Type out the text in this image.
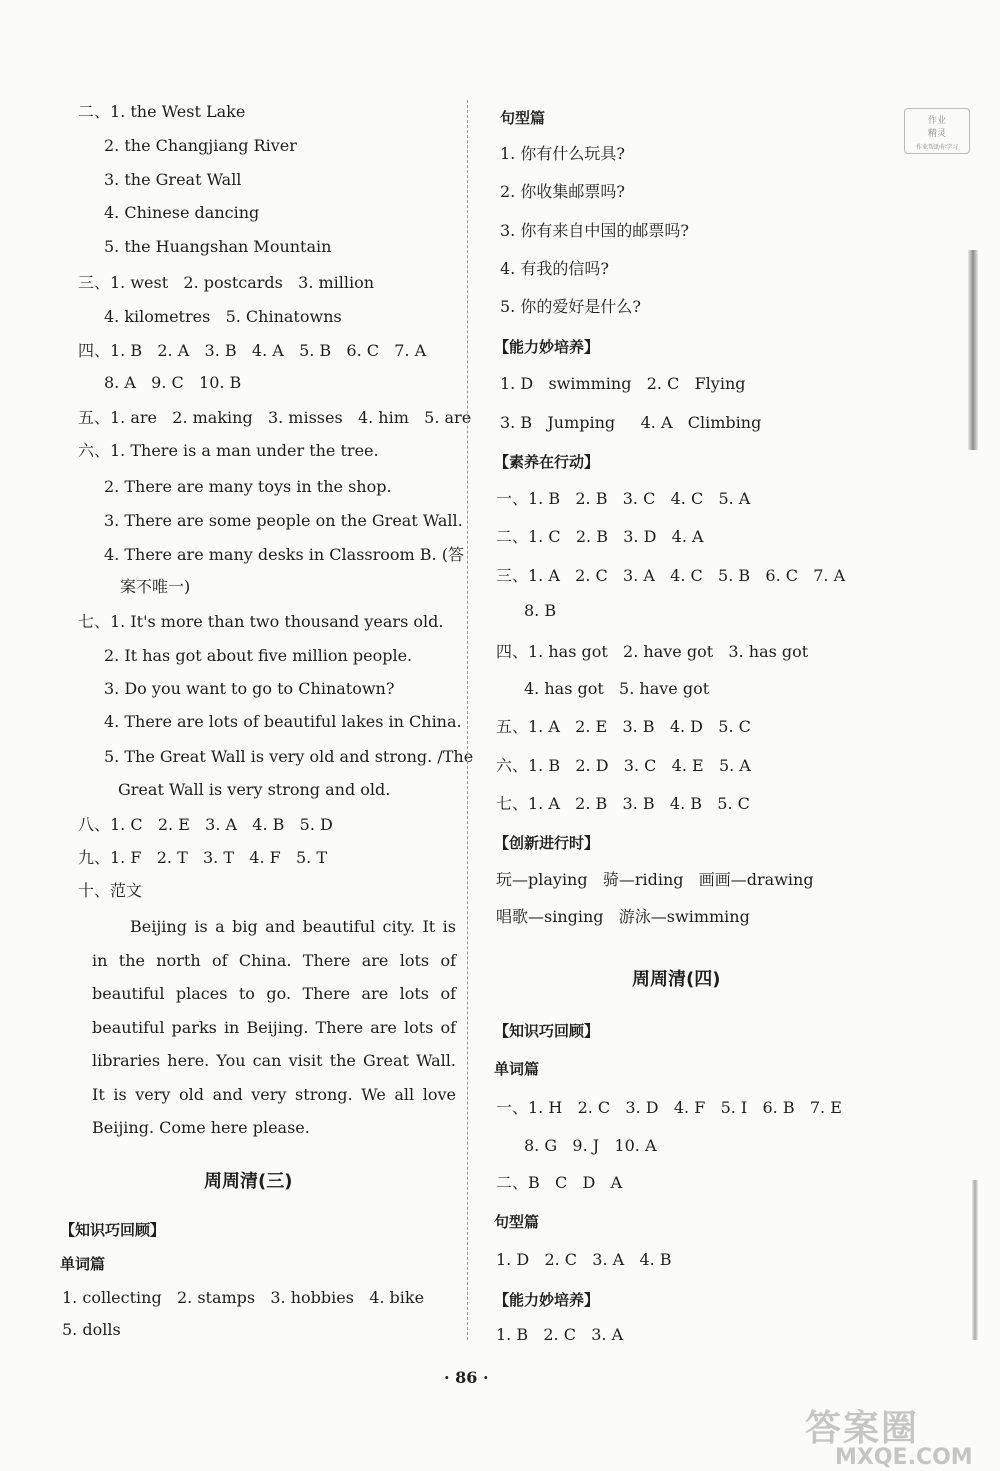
二、1. the West Lake
2. the Changjiang River
3. the Great Wall
4. Chinese dancing
5. the Huangshan Mountain
三、1. west   2. postcards   3. million
4. kilometres   5. Chinatowns
四、1. B   2. A   3. B   4. A   5. B   6. C   7. A
8. A   9. C   10. B
五、1. are   2. making   3. misses   4. him   5. are
六、1. There is a man under the tree.
2. There are many toys in the shop.
3. There are some people on the Great Wall.
4. There are many desks in Classroom B. (答
案不唯一)
七、1. It's more than two thousand years old.
2. It has got about five million people.
3. Do you want to go to Chinatown?
4. There are lots of beautiful lakes in China.
5. The Great Wall is very old and strong. /The
Great Wall is very strong and old.
八、1. C   2. E   3. A   4. B   5. D
九、1. F   2. T   3. T   4. F   5. T
十、范文
Beijing is a big and beautiful city. It is in the north of China. There are lots of beautiful places to go. There are lots of beautiful parks in Beijing. There are lots of libraries here. You can visit the Great Wall. It is very old and very strong. We all love Beijing. Come here please.
周周清(三)
【知识巧回顾】
单词篇
1. collecting   2. stamps   3. hobbies   4. bike
5. dolls
句型篇
1. 你有什么玩具?
2. 你收集邮票吗?
3. 你有来自中国的邮票吗?
4. 有我的信吗?
5. 你的爱好是什么?
【能力妙培养】
1. D   swimming   2. C   Flying
3. B   Jumping     4. A   Climbing
【素养在行动】
一、1. B   2. B   3. C   4. C   5. A
二、1. C   2. B   3. D   4. A
三、1. A   2. C   3. A   4. C   5. B   6. C   7. A
8. B
四、1. has got   2. have got   3. has got
4. has got   5. have got
五、1. A   2. E   3. B   4. D   5. C
六、1. B   2. D   3. C   4. E   5. A
七、1. A   2. B   3. B   4. B   5. C
【创新进行时】
玩—playing   骑—riding   画画—drawing
唱歌—singing   游泳—swimming
周周清(四)
【知识巧回顾】
单词篇
一、1. H   2. C   3. D   4. F   5. I   6. B   7. E
8. G   9. J   10. A
二、B   C   D   A
句型篇
1. D   2. C   3. A   4. B
【能力妙培养】
1. B   2. C   3. A
· 86 ·
作业
精灵
作业帮助你学习
答案圈
MXQE.COM
